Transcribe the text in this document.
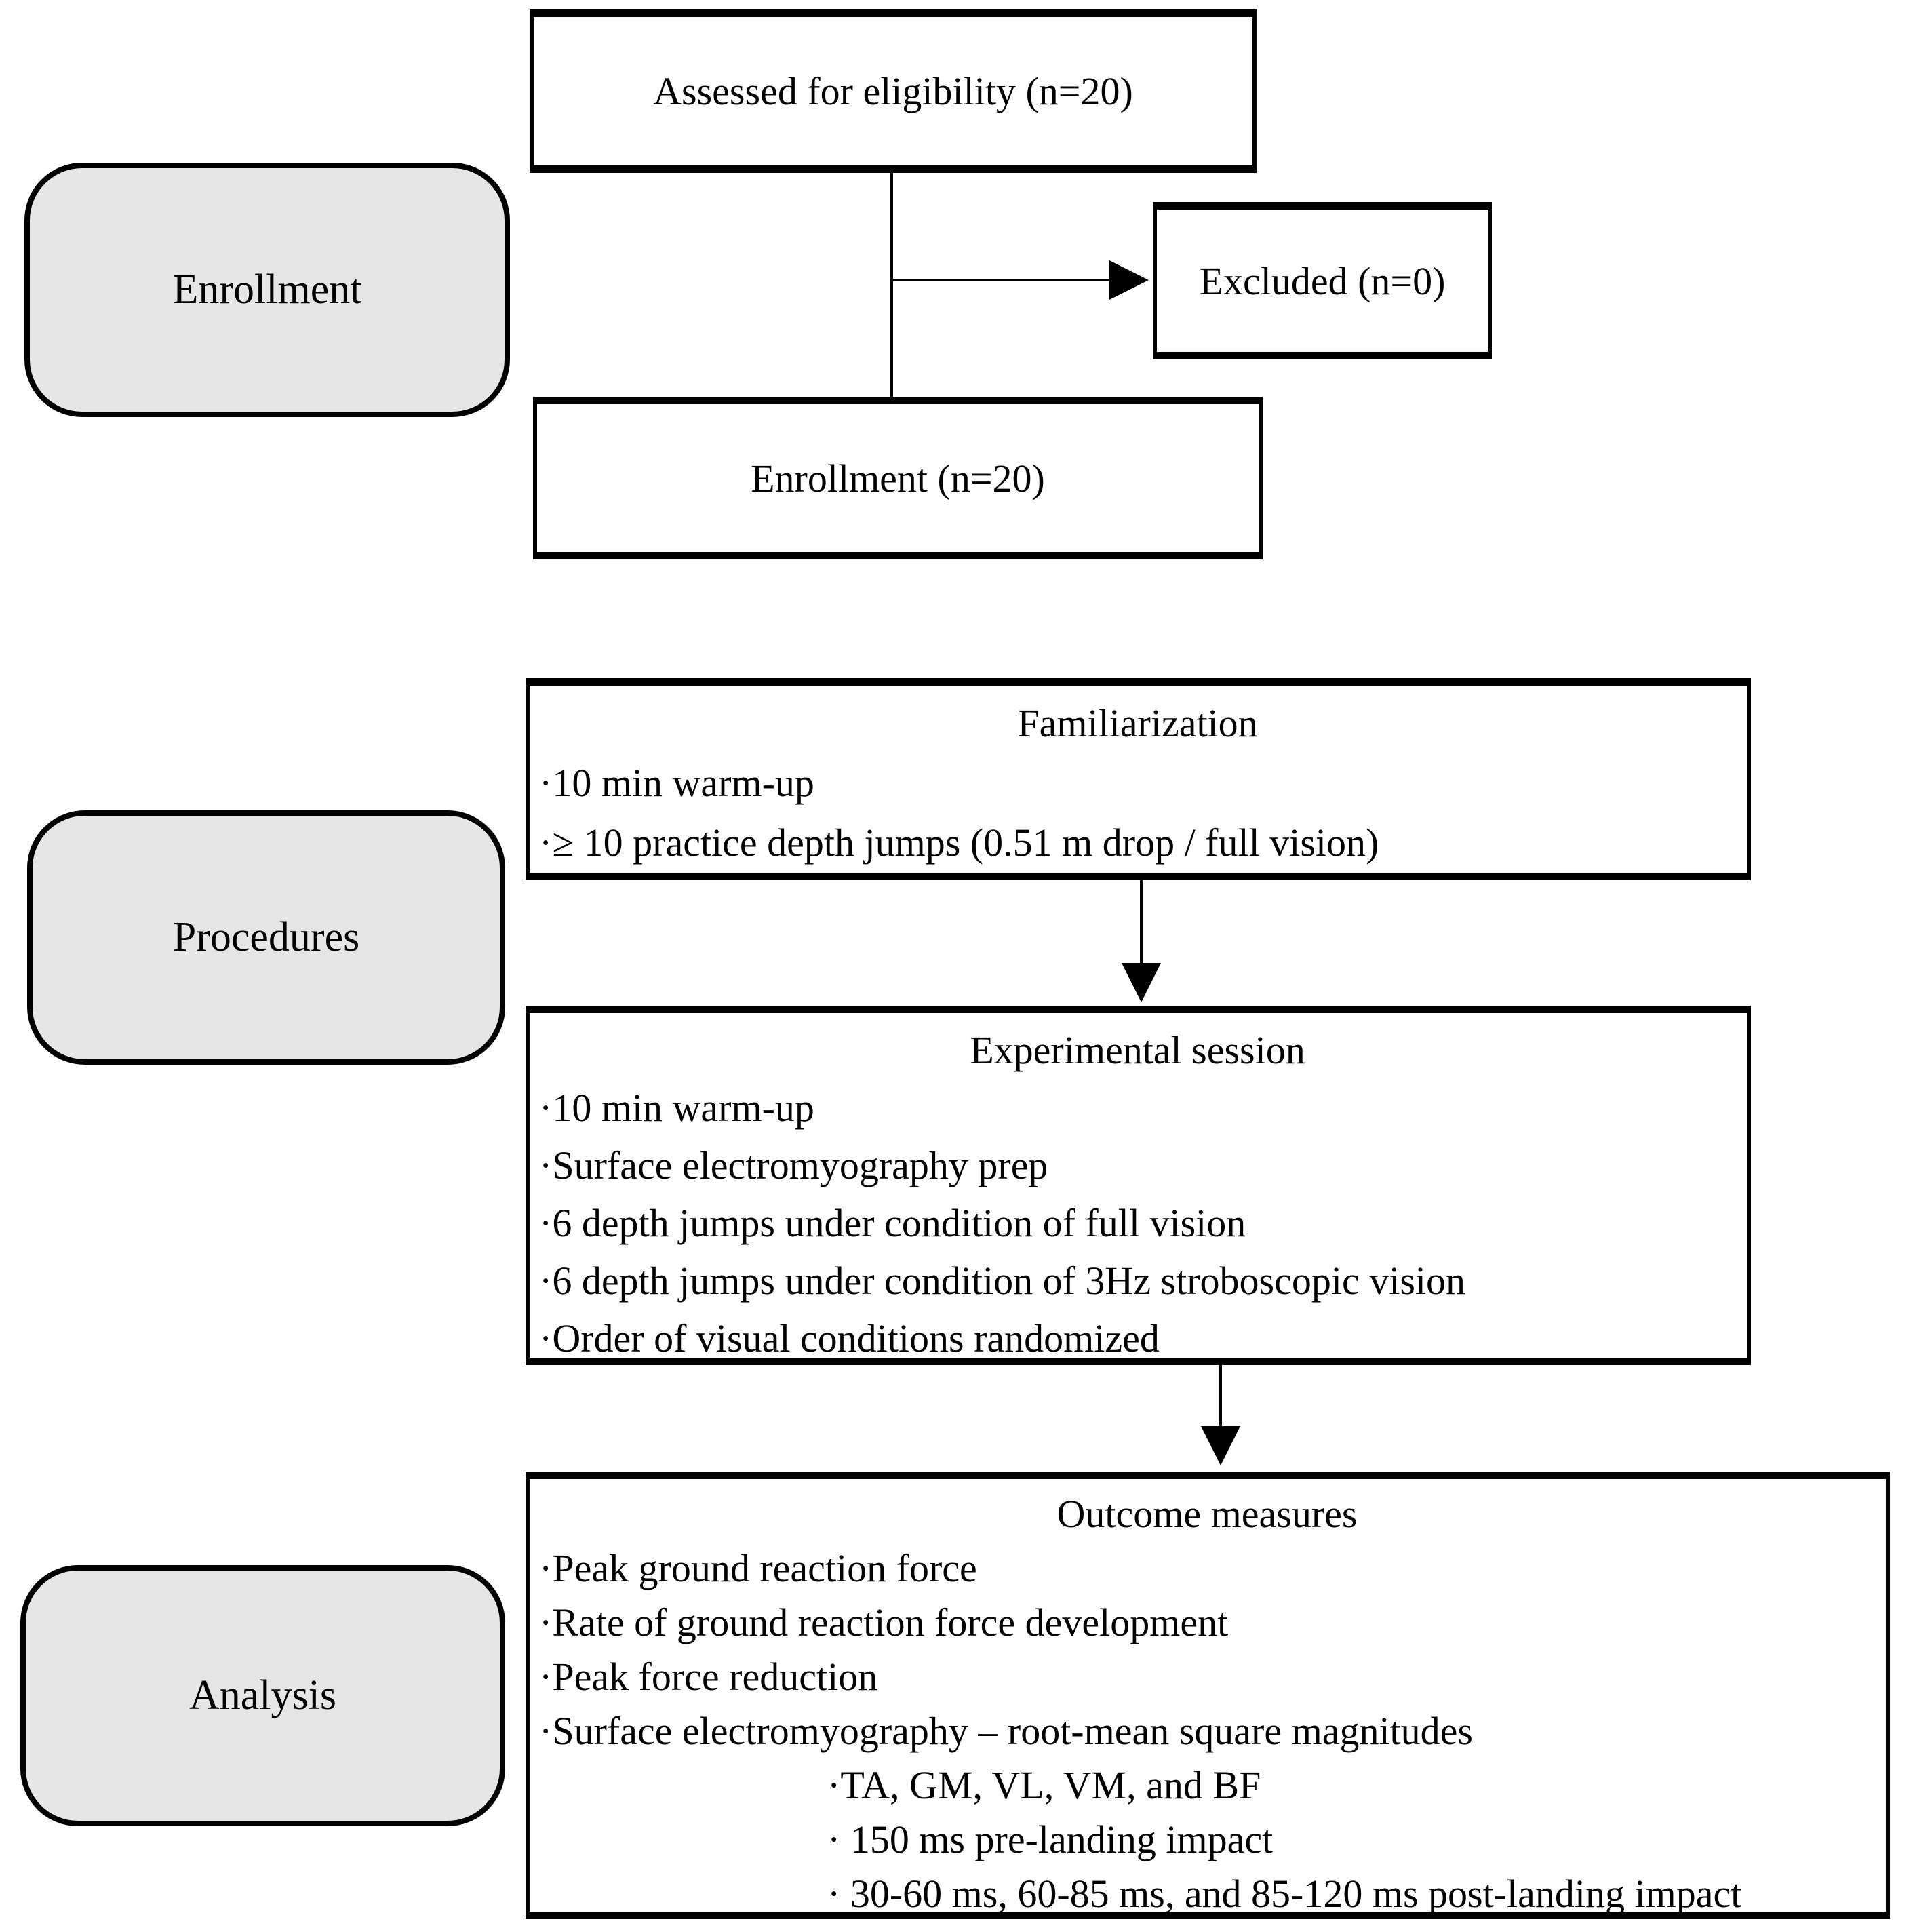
Enrollment
Procedures
Analysis
Assessed for eligibility (n=20)
Excluded (n=0)
Enrollment (n=20)
Familiarization
·10 min warm-up
·≥ 10 practice depth jumps (0.51 m drop / full vision)
Experimental session
·10 min warm-up
·Surface electromyography prep
·6 depth jumps under condition of full vision
·6 depth jumps under condition of 3Hz stroboscopic vision
·Order of visual conditions randomized
Outcome measures
·Peak ground reaction force
·Rate of ground reaction force development
·Peak force reduction
·Surface electromyography – root-mean square magnitudes
·TA, GM, VL, VM, and BF
· 150 ms pre-landing impact
· 30-60 ms, 60-85 ms, and 85-120 ms post-landing impact
